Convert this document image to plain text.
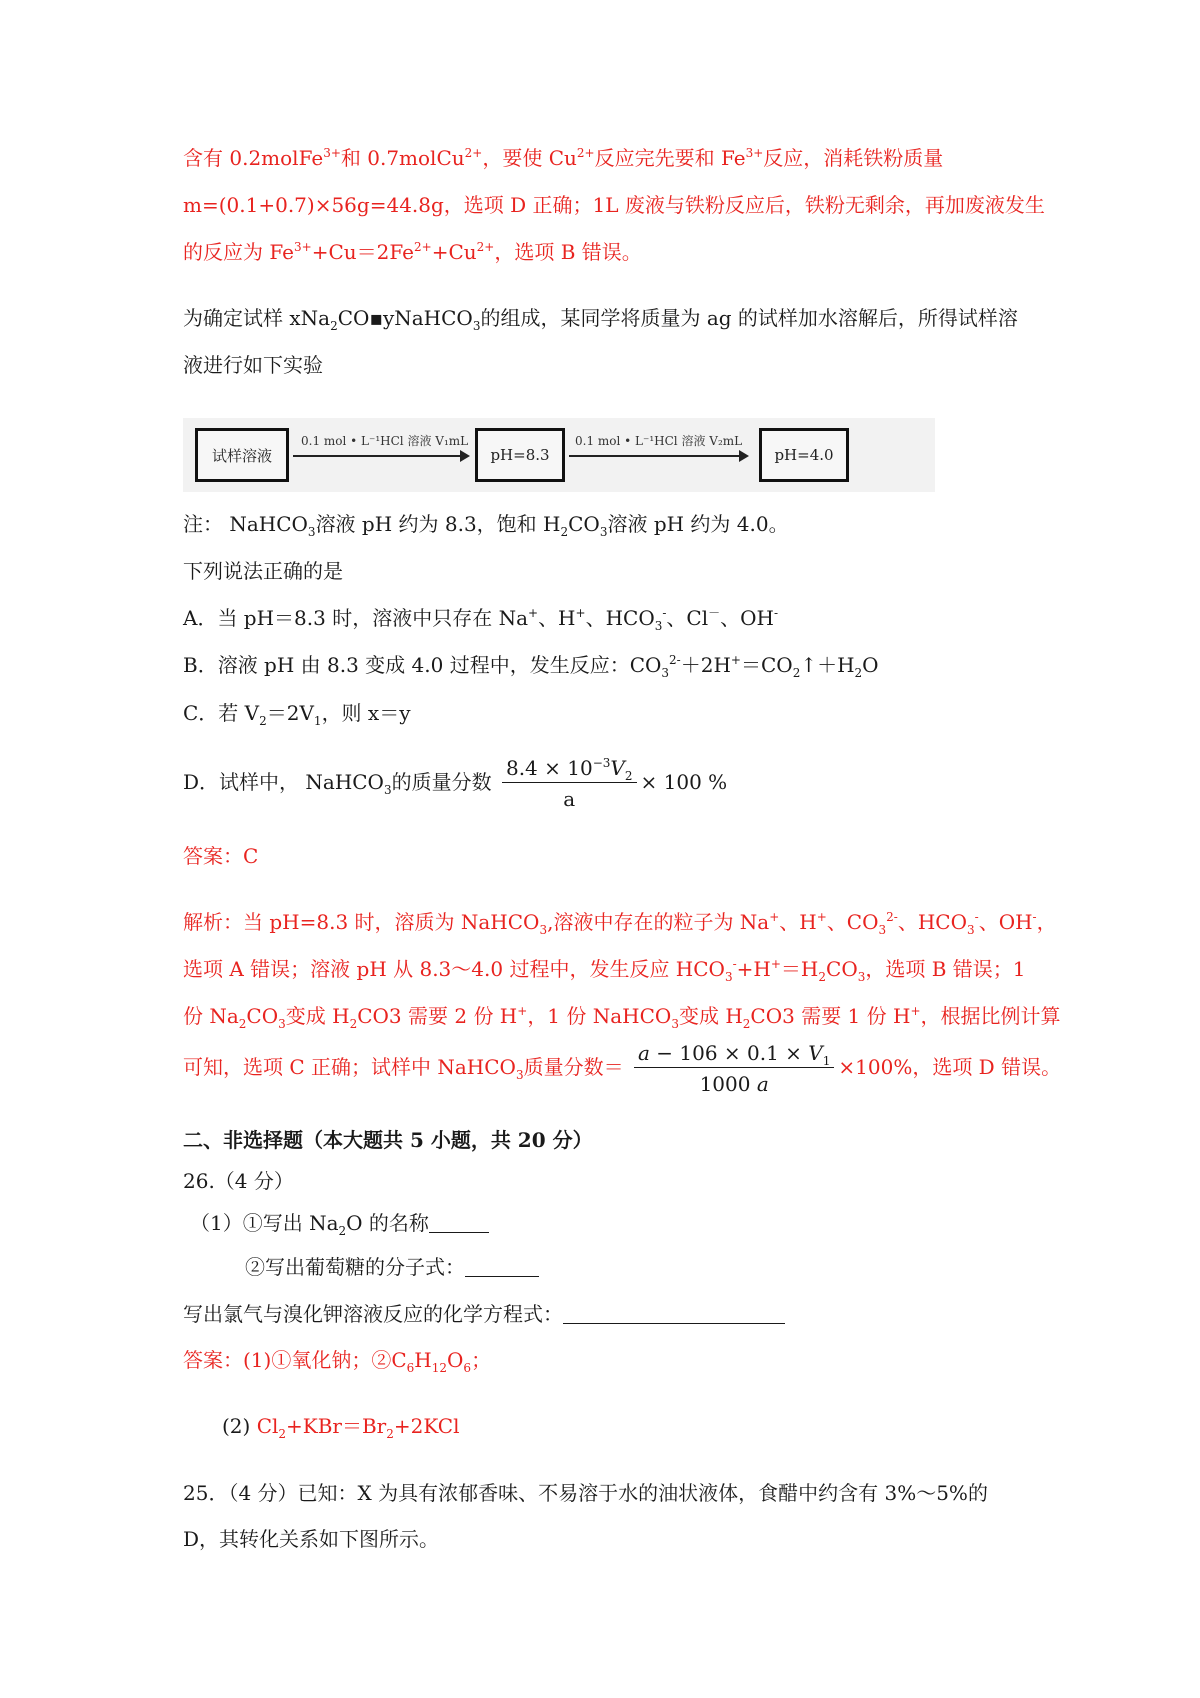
含有 0.2molFe$^{3+}$和 0.7molCu$^{2+}$，要使 $Cu^{2+}$反应完先要和 $Fe^{3+}$反应，消耗铁粉质量
m=(0.1+0.7)×56g=44.8g，选项 D 正确；1L 废液与铁粉反应后，铁粉无剩余，再加废液发生
的反应为 $Fe^{3+}+Cu=2Fe^{2+}+Cu^{2+}$，选项 B 错误。
为确定试样 xNa$_2$CO▪yNaHCO$_3$的组成，某同学将质量为 ag 的试样加水溶解后，所得试样溶
液进行如下实验
试样溶液
0.1 mol • L⁻¹HCl 溶液 V₁mL
pH=8.3
0.1 mol • L⁻¹HCl 溶液 V₂mL
pH=4.0
注： NaHCO$_3$溶液 pH 约为 8.3，饱和 $H_2CO_3$溶液 pH 约为 4.0。
下列说法正确的是
A．当 pH＝8.3 时，溶液中只存在 Na+、H+、$HCO_3^-$、Cl－、OH-
B．溶液 pH 由 8.3 变成 4.0 过程中，发生反应：$CO_3^{2-}+2H^+=CO_2↑+H_2O$
C．若 $V_2=2V_1$，则 x＝y
D．试样中， NaHCO$_3$的质量分数 $\frac{8.4 \times 10^{-3}V_2}{a} \times 100$ %
答案：C
解析：当 pH=8.3 时，溶质为 NaHCO$_3$,溶液中存在的粒子为 Na+、H+、$CO_3^{2-}$、$HCO_3^-$、OH-，
选项 A 错误；溶液 pH 从 8.3～4.0 过程中，发生反应 $HCO_3^-+H^+=H_2CO_3$，选项 B 错误；1
份 $Na_2CO_3$变成 $H_2CO3$ 需要 2 份 H+，1 份 NaHCO$_3$变成 $H_2CO3$ 需要 1 份 H+，根据比例计算
可知，选项 C 正确；试样中 NaHCO$_3$质量分数＝ $\frac{a - 106 \times 0.1 \times V_1}{1000 a} \times 100\%$，选项 D 错误。
二、非选择题（本大题共 5 小题，共 20 分）
26.（4 分）
（1）①写出 $Na_2O$ 的名称
②写出葡萄糖的分子式：
写出氯气与溴化钾溶液反应的化学方程式：
答案：(1)①氧化钠；$②C_6H_{12}O_6$；
(2) $Cl_2+KBr=Br_2+2KCl$
25．（4 分）已知：X 为具有浓郁香味、不易溶于水的油状液体，食醋中约含有 3%～5%的
D，其转化关系如下图所示。
